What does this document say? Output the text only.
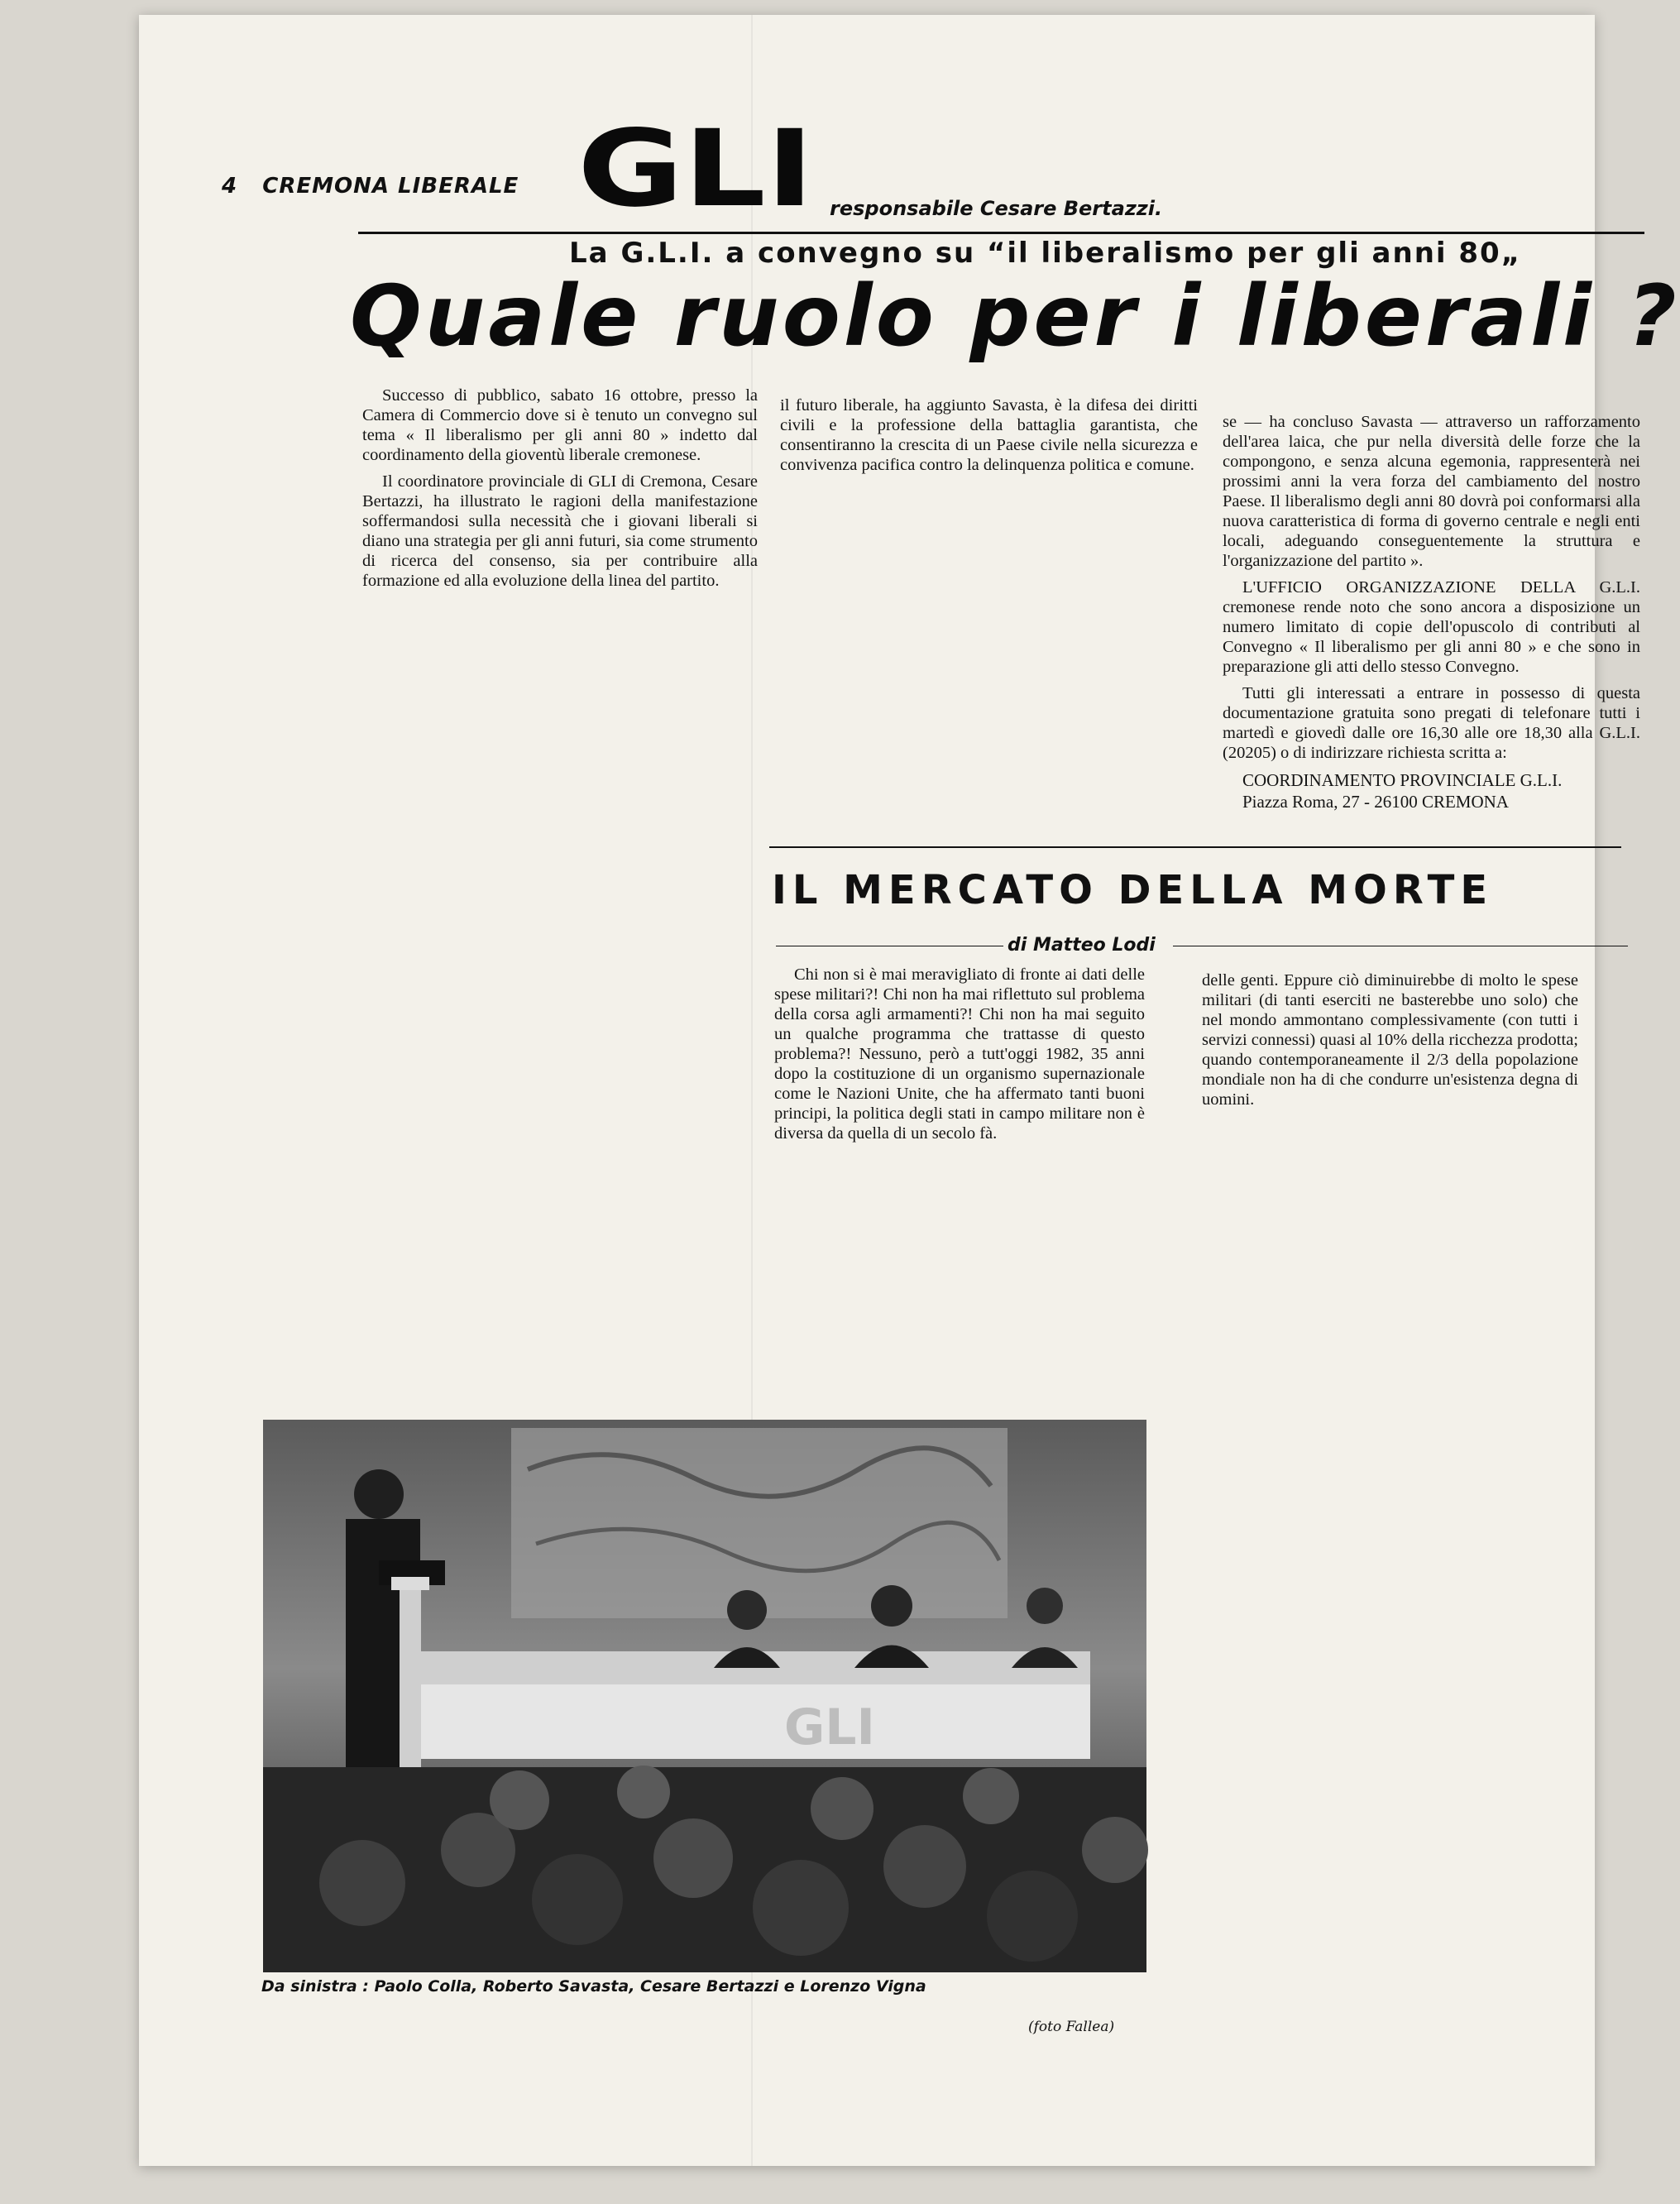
4 CREMONA LIBERALE GLI responsabile Cesare Bertazzi.
La G.L.I. a convegno su “il liberalismo per gli anni 80„
Quale ruolo per i liberali ?

Successo di pubblico, sabato 16 ottobre, presso la Camera di Commercio dove si è tenuto un convegno sul tema « Il liberalismo per gli anni 80 » indetto dal coordinamento della gioventù liberale cremonese.

Il coordinatore provinciale di GLI di Cremona, Cesare Bertazzi, ha illustrato le ragioni della manifestazione soffermandosi sulla necessità che i giovani liberali si diano una strategia per gli anni futuri, sia come strumento di ricerca del consenso, sia per contribuire alla formazione ed alla evoluzione della linea del partito.

il futuro liberale, ha aggiunto Savasta, è la difesa dei diritti civili e la professione della battaglia garantista, che consentiranno la crescita di un Paese civile nella sicurezza e convivenza pacifica contro la delinquenza politica e comune.

se — ha concluso Savasta — attraverso un rafforzamento dell'area laica, che pur nella diversità delle forze che la compongono, e senza alcuna egemonia, rappresenterà nei prossimi anni la vera forza del cambiamento del nostro Paese. Il liberalismo degli anni 80 dovrà poi conformarsi alla nuova caratteristica di forma di governo centrale e negli enti locali, adeguando conseguentemente la struttura e l'organizzazione del partito ».

L'UFFICIO ORGANIZZAZIONE DELLA G.L.I. cremonese rende noto che sono ancora a disposizione un numero limitato di copie dell'opuscolo di contributi al Convegno « Il liberalismo per gli anni 80 » e che sono in preparazione gli atti dello stesso Convegno.

Tutti gli interessati a entrare in possesso di questa documentazione gratuita sono pregati di telefonare tutti i martedì e giovedì dalle ore 16,30 alle ore 18,30 alla G.L.I. (20205) o di indirizzare richiesta scritta a:

COORDINAMENTO PROVINCIALE G.L.I.
Piazza Roma, 27 - 26100 CREMONA
IL MERCATO DELLA MORTE
di Matteo Lodi

Chi non si è mai meravigliato di fronte ai dati delle spese militari?! Chi non ha mai riflettuto sul problema della corsa agli armamenti?! Chi non ha mai seguito un qualche programma che trattasse di questo problema?! Nessuno, però a tutt'oggi 1982, 35 anni dopo la costituzione di un organismo supernazionale come le Nazioni Unite, che ha affermato tanti buoni principi, la politica degli stati in campo militare non è diversa da quella di un secolo fà.

delle genti. Eppure ciò diminuirebbe di molto le spese militari (di tanti eserciti ne basterebbe uno solo) che nel mondo ammontano complessivamente (con tutti i servizi connessi) quasi al 10% della ricchezza prodotta; quando contemporaneamente il 2/3 della popolazione mondiale non ha di che condurre un'esistenza degna di uomini.

GLI
Da sinistra : Paolo Colla, Roberto Savasta, Cesare Bertazzi e Lorenzo Vigna
(foto Fallea)
